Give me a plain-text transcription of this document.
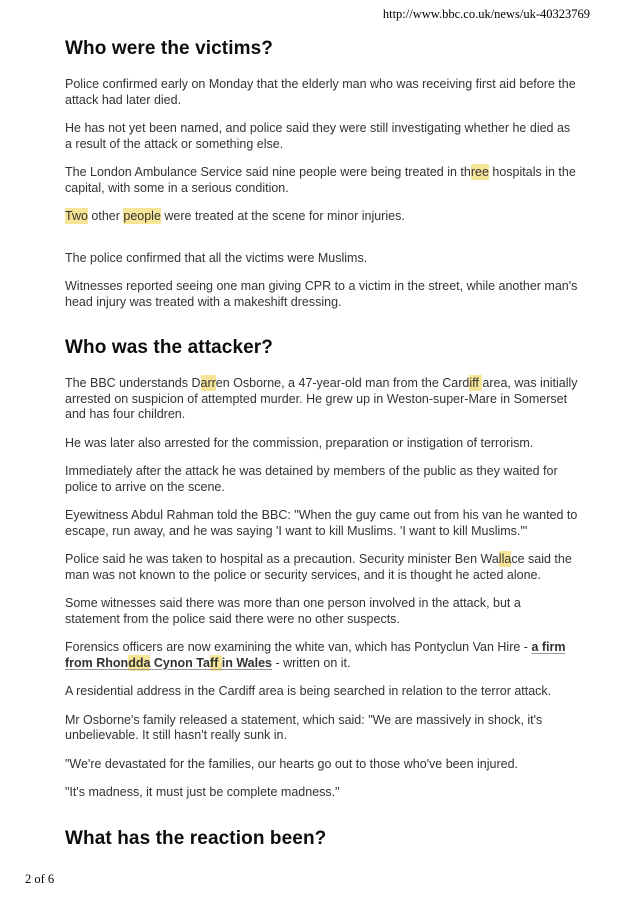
http://www.bbc.co.uk/news/uk-40323769
Who were the victims?

Police confirmed early on Monday that the elderly man who was receiving first aid before the attack had later died.

He has not yet been named, and police said they were still investigating whether he died as a result of the attack or something else.

The London Ambulance Service said nine people were being treated in three hospitals in the capital, with some in a serious condition.

Two other people were treated at the scene for minor injuries.

The police confirmed that all the victims were Muslims.

Witnesses reported seeing one man giving CPR to a victim in the street, while another man's head injury was treated with a makeshift dressing.

Who was the attacker?

The BBC understands Darren Osborne, a 47-year-old man from the Cardiff area, was initially arrested on suspicion of attempted murder. He grew up in Weston-super-Mare in Somerset and has four children.

He was later also arrested for the commission, preparation or instigation of terrorism.

Immediately after the attack he was detained by members of the public as they waited for police to arrive on the scene.

Eyewitness Abdul Rahman told the BBC: "When the guy came out from his van he wanted to escape, run away, and he was saying 'I want to kill Muslims. 'I want to kill Muslims.'"

Police said he was taken to hospital as a precaution. Security minister Ben Wallace said the man was not known to the police or security services, and it is thought he acted alone.

Some witnesses said there was more than one person involved in the attack, but a statement from the police said there were no other suspects.

Forensics officers are now examining the white van, which has Pontyclun Van Hire - a firm from Rhondda Cynon Taff in Wales - written on it.

A residential address in the Cardiff area is being searched in relation to the terror attack.

Mr Osborne's family released a statement, which said: "We are massively in shock, it's unbelievable. It still hasn't really sunk in.

"We're devastated for the families, our hearts go out to those who've been injured.

"It's madness, it must just be complete madness."

What has the reaction been?
2 of 6
